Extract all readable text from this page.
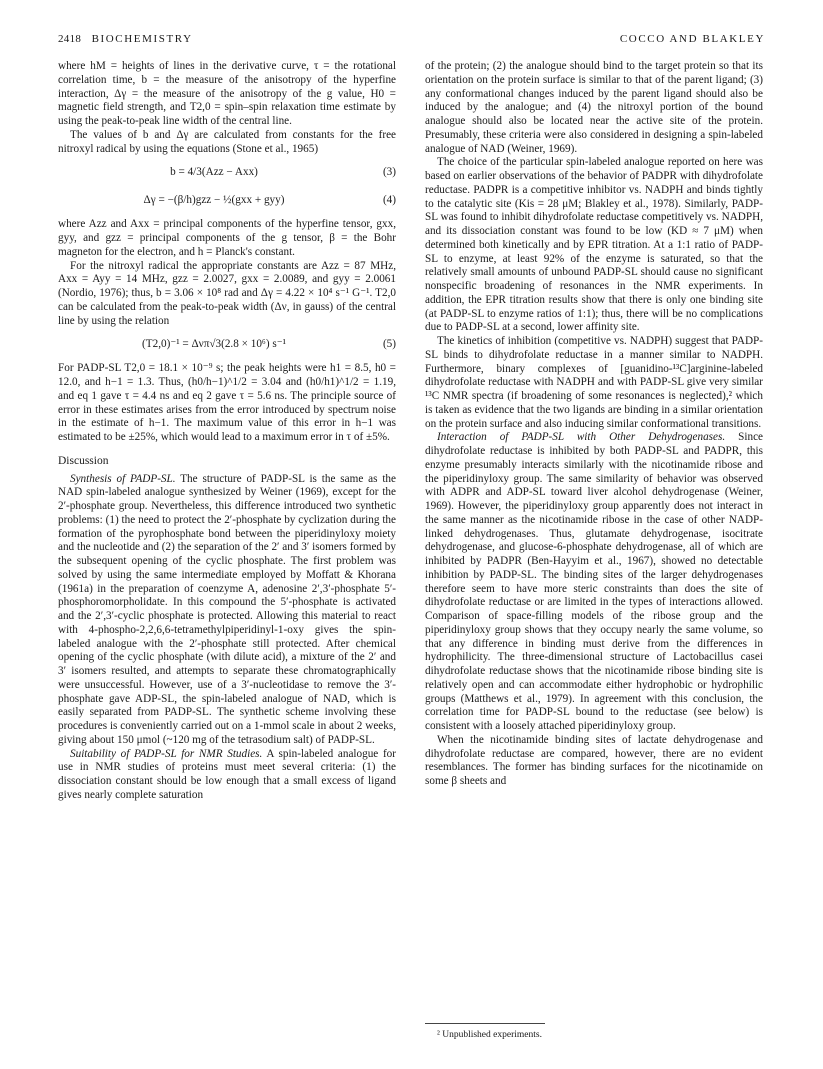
2418 BIOCHEMISTRY	COCCO AND BLAKLEY

where hM = heights of lines in the derivative curve, τ = the rotational correlation time, b = the measure of the anisotropy of the hyperfine interaction, Δγ = the measure of the anisotropy of the g value, H0 = magnetic field strength, and T2,0 = spin–spin relaxation time estimate by using the peak-to-peak line width of the central line.

The values of b and Δγ are calculated from constants for the free nitroxyl radical by using the equations (Stone et al., 1965)

b = 4/3(Azz − Axx)	(3)
Δγ = −(β/h)gzz − ½(gxx + gyy)	(4)

where Azz and Axx = principal components of the hyperfine tensor, gxx, gyy, and gzz = principal components of the g tensor, β = the Bohr magneton for the electron, and h = Planck's constant.

For the nitroxyl radical the appropriate constants are Azz = 87 MHz, Axx = Ayy = 14 MHz, gzz = 2.0027, gxx = 2.0089, and gyy = 2.0061 (Nordio, 1976); thus, b = 3.06 × 10⁸ rad and Δγ = 4.22 × 10⁴ s⁻¹ G⁻¹. T2,0 can be calculated from the peak-to-peak width (Δν, in gauss) of the central line by using the relation

(T2,0)⁻¹ = Δνπ√3(2.8 × 10⁶) s⁻¹	(5)

For PADP-SL T2,0 = 18.1 × 10⁻⁹ s; the peak heights were h1 = 8.5, h0 = 12.0, and h−1 = 1.3. Thus, (h0/h−1)^1/2 = 3.04 and (h0/h1)^1/2 = 1.19, and eq 1 gave τ = 4.4 ns and eq 2 gave τ = 5.6 ns. The principle source of error in these estimates arises from the error introduced by spectrum noise in the estimate of h−1. The maximum value of this error in h−1 was estimated to be ±25%, which would lead to a maximum error in τ of ±5%.

Discussion

Synthesis of PADP-SL. The structure of PADP-SL is the same as the NAD spin-labeled analogue synthesized by Weiner (1969), except for the 2′-phosphate group. Nevertheless, this difference introduced two synthetic problems: (1) the need to protect the 2′-phosphate by cyclization during the formation of the pyrophosphate bond between the piperidinyloxy moiety and the nucleotide and (2) the separation of the 2′ and 3′ isomers formed by the subsequent opening of the cyclic phosphate. The first problem was solved by using the same intermediate employed by Moffatt & Khorana (1961a) in the preparation of coenzyme A, adenosine 2′,3′-phosphate 5′-phosphoromorpholidate. In this compound the 5′-phosphate is activated and the 2′,3′-cyclic phosphate is protected. Allowing this material to react with 4-phospho-2,2,6,6-tetramethylpiperidinyl-1-oxy gives the spin-labeled analogue with the 2′-phosphate still protected. After chemical opening of the cyclic phosphate (with dilute acid), a mixture of the 2′ and 3′ isomers resulted, and attempts to separate these chromatographically were unsuccessful. However, use of a 3′-nucleotidase to remove the 3′-phosphate gave ADP-SL, the spin-labeled analogue of NAD, which is easily separated from PADP-SL. The synthetic scheme involving these procedures is conveniently carried out on a 1-mmol scale in about 2 weeks, giving about 150 μmol (~120 mg of the tetrasodium salt) of PADP-SL.

Suitability of PADP-SL for NMR Studies. A spin-labeled analogue for use in NMR studies of proteins must meet several criteria: (1) the dissociation constant should be low enough that a small excess of ligand gives nearly complete saturation

of the protein; (2) the analogue should bind to the target protein so that its orientation on the protein surface is similar to that of the parent ligand; (3) any conformational changes induced by the parent ligand should also be induced by the analogue; and (4) the nitroxyl portion of the bound analogue should also be located near the active site of the protein. Presumably, these criteria were also considered in designing a spin-labeled analogue of NAD (Weiner, 1969).

The choice of the particular spin-labeled analogue reported on here was based on earlier observations of the behavior of PADPR with dihydrofolate reductase. PADPR is a competitive inhibitor vs. NADPH and binds tightly to the catalytic site (Kis = 28 μM; Blakley et al., 1978). Similarly, PADP-SL was found to inhibit dihydrofolate reductase competitively vs. NADPH, and its dissociation constant was found to be low (KD ≈ 7 μM) when determined both kinetically and by EPR titration. At a 1:1 ratio of PADP-SL to enzyme, at least 92% of the enzyme is saturated, so that the relatively small amounts of unbound PADP-SL should cause no significant nonspecific broadening of resonances in the NMR experiments. In addition, the EPR titration results show that there is only one binding site (at PADP-SL to enzyme ratios of 1:1); thus, there will be no complications due to PADP-SL at a second, lower affinity site.

The kinetics of inhibition (competitive vs. NADPH) suggest that PADP-SL binds to dihydrofolate reductase in a manner similar to NADPH. Furthermore, binary complexes of [guanidino-¹³C]arginine-labeled dihydrofolate reductase with NADPH and with PADP-SL give very similar ¹³C NMR spectra (if broadening of some resonances is neglected),² which is taken as evidence that the two ligands are binding in a similar orientation on the protein surface and also inducing similar conformational transitions.

Interaction of PADP-SL with Other Dehydrogenases. Since dihydrofolate reductase is inhibited by both PADP-SL and PADPR, this enzyme presumably interacts similarly with the nicotinamide ribose and the piperidinyloxy group. The same similarity of behavior was observed with ADPR and ADP-SL toward liver alcohol dehydrogenase (Weiner, 1969). However, the piperidinyloxy group apparently does not interact in the same manner as the nicotinamide ribose in the case of other NADP-linked dehydrogenases. Thus, glutamate dehydrogenase, isocitrate dehydrogenase, and glucose-6-phosphate dehydrogenase, all of which are inhibited by PADPR (Ben-Hayyim et al., 1967), showed no detectable inhibition by PADP-SL. The binding sites of the larger dehydrogenases therefore seem to have more steric constraints than does the site of dihydrofolate reductase or are limited in the types of interactions allowed. Comparison of space-filling models of the ribose group and the piperidinyloxy group shows that they occupy nearly the same volume, so that any difference in binding must derive from the differences in hydrophilicity. The three-dimensional structure of Lactobacillus casei dihydrofolate reductase shows that the nicotinamide ribose binding site is relatively open and can accommodate either hydrophobic or hydrophilic groups (Matthews et al., 1979). In agreement with this conclusion, the correlation time for PADP-SL bound to the reductase (see below) is consistent with a loosely attached piperidinyloxy group.

When the nicotinamide binding sites of lactate dehydrogenase and dihydrofolate reductase are compared, however, there are no evident resemblances. The former has binding surfaces for the nicotinamide on some β sheets and

² Unpublished experiments.
